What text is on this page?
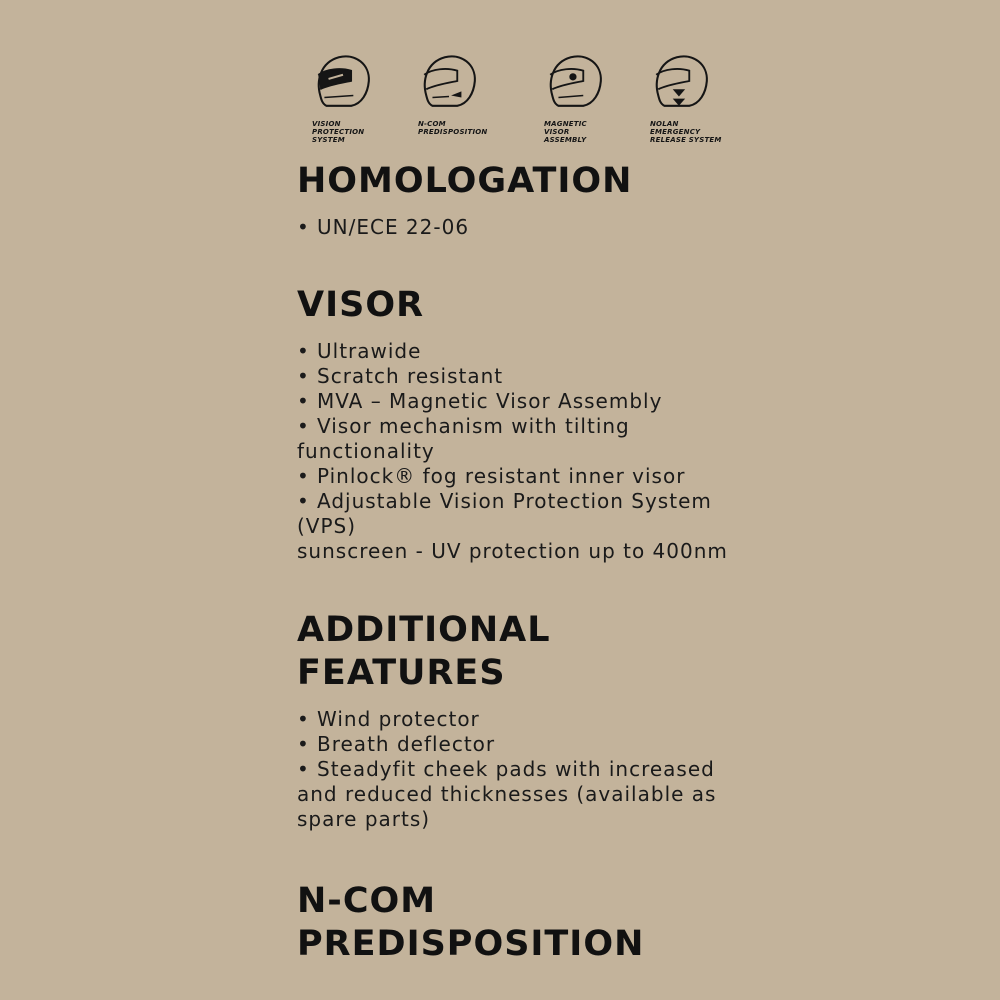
VISION
PROTECTION
SYSTEM
N-COM
PREDISPOSITION
MAGNETIC
VISOR
ASSEMBLY
NOLAN
EMERGENCY
RELEASE SYSTEM
HOMOLOGATION
• UN/ECE 22-06
VISOR
• Ultrawide
• Scratch resistant
• MVA – Magnetic Visor Assembly
• Visor mechanism with tilting functionality
• Pinlock® fog resistant inner visor
• Adjustable Vision Protection System (VPS)
sunscreen - UV protection up to 400nm
ADDITIONAL FEATURES
• Wind protector
• Breath deflector
• Steadyfit cheek pads with increased and reduced thicknesses (available as spare parts)
N-COM PREDISPOSITION
